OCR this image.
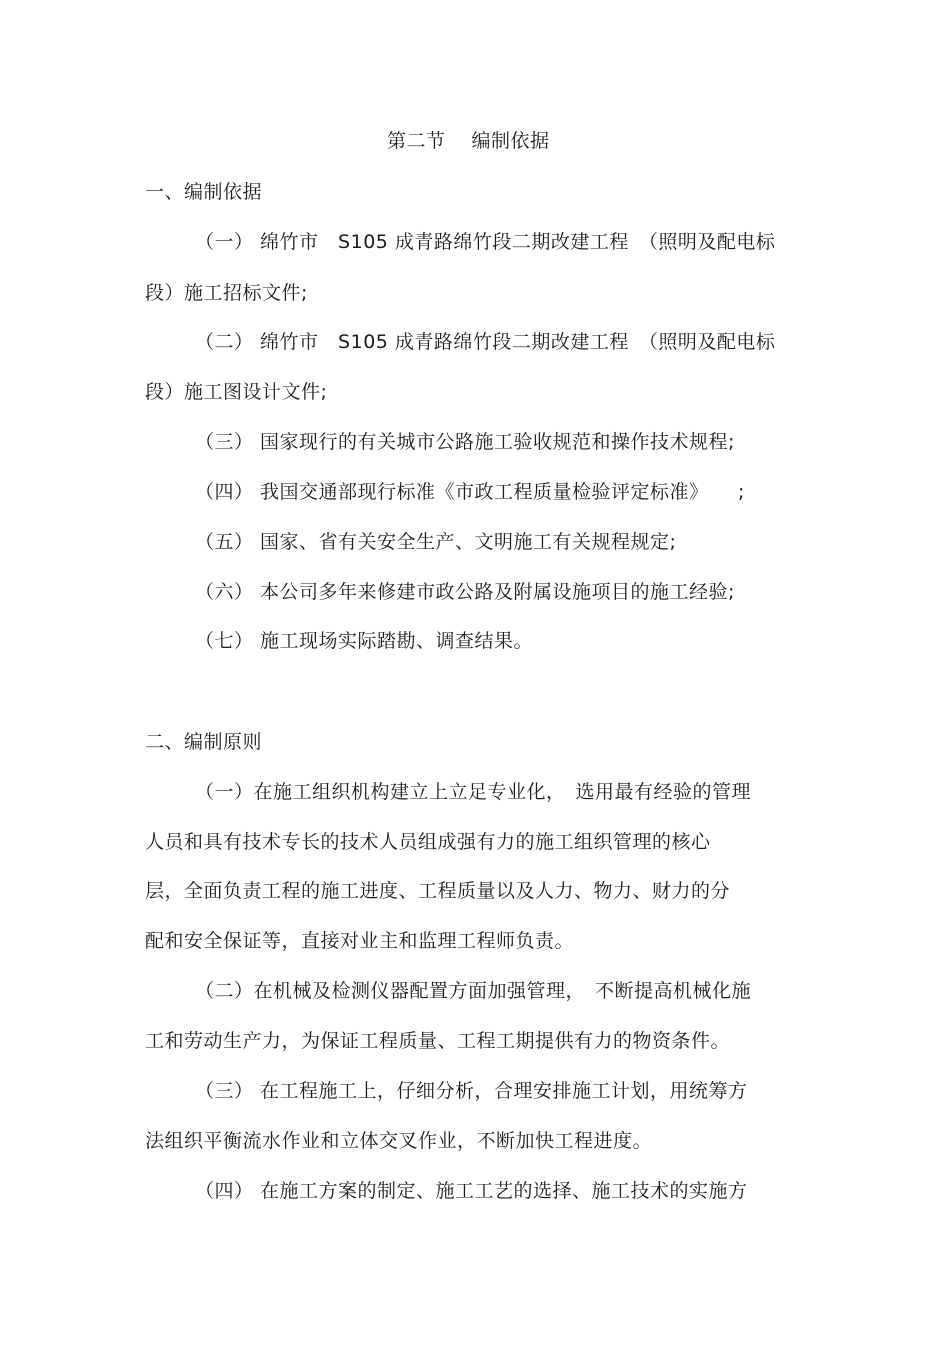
第二节　 编制依据
一、编制依据
（一） 绵竹市　S105 成青路绵竹段二期改建工程　（照明及配电标
段）施工招标文件;
（二） 绵竹市　S105 成青路绵竹段二期改建工程　（照明及配电标
段）施工图设计文件;
（三） 国家现行的有关城市公路施工验收规范和操作技术规程;
（四） 我国交通部现行标准《市政工程质量检验评定标准》　　;
（五） 国家、省有关安全生产、文明施工有关规程规定;
（六） 本公司多年来修建市政公路及附属设施项目的施工经验;
（七） 施工现场实际踏勘、调查结果。
二、编制原则
（一）在施工组织机构建立上立足专业化，　选用最有经验的管理
人员和具有技术专长的技术人员组成强有力的施工组织管理的核心
层，全面负责工程的施工进度、工程质量以及人力、物力、财力的分
配和安全保证等，直接对业主和监理工程师负责。
（二）在机械及检测仪器配置方面加强管理，　不断提高机械化施
工和劳动生产力，为保证工程质量、工程工期提供有力的物资条件。
（三） 在工程施工上，仔细分析，合理安排施工计划，用统筹方
法组织平衡流水作业和立体交叉作业，不断加快工程进度。
（四） 在施工方案的制定、施工工艺的选择、施工技术的实施方
